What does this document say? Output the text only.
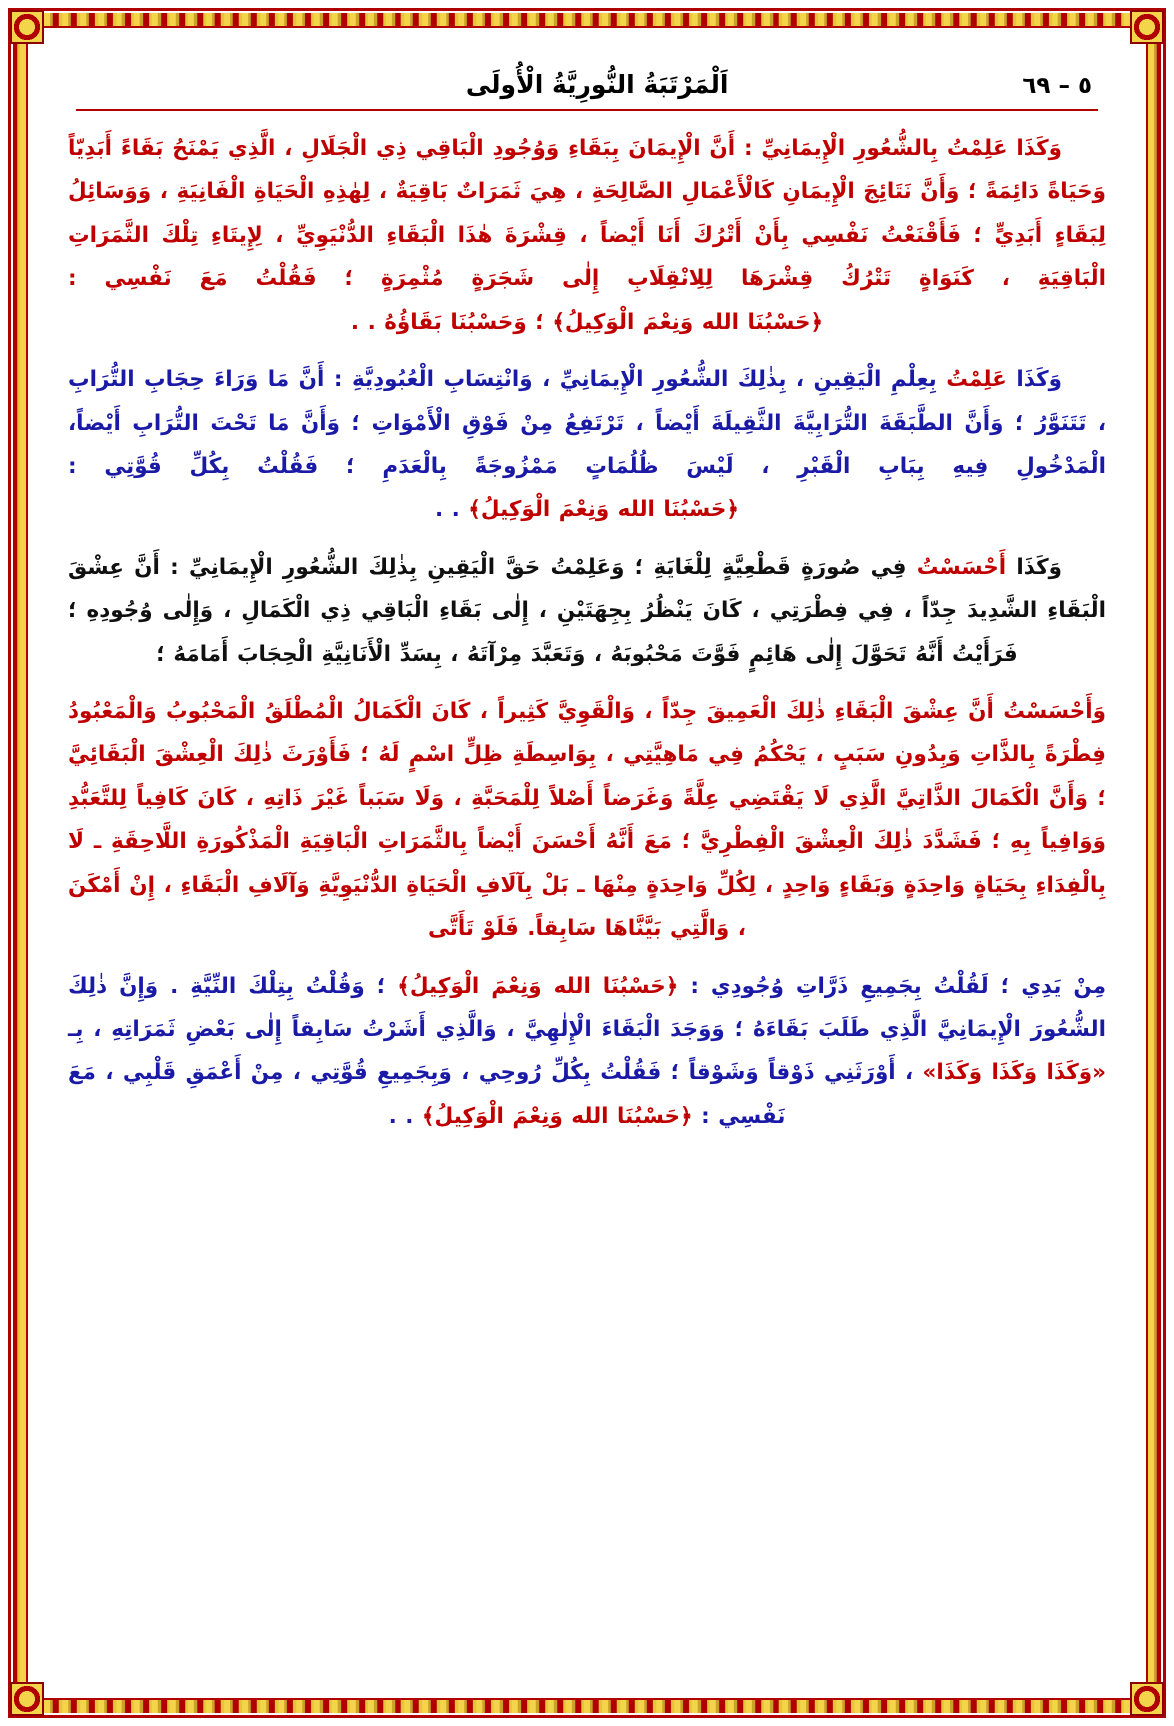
٥ – ٦٩
اَلْمَرْتَبَةُ النُّورِيَّةُ الْأُولَى

وَكَذَا عَلِمْتُ بِالشُّعُورِ الْإِيمَانِيِّ : أَنَّ الْإِيمَانَ بِبَقَاءِ وَوُجُودِ الْبَاقِي ذِي الْجَلَالِ ، الَّذِي يَمْنَحُ بَقَاءً أَبَدِيّاً وَحَيَاةً دَائِمَةً ؛ وَأَنَّ نَتَائِجَ الْإِيمَانِ كَالْأَعْمَالِ الصَّالِحَةِ ، هِيَ ثَمَرَاتٌ بَاقِيَةٌ ، لِهٰذِهِ الْحَيَاةِ الْفَانِيَةِ ، وَوَسَائِلُ لِبَقَاءٍ أَبَدِيٍّ ؛ فَأَقْنَعْتُ نَفْسِي بِأَنْ أَتْرُكَ أَنَا أَيْضاً ، قِشْرَةَ هٰذَا الْبَقَاءِ الدُّنْيَوِيِّ ، لِإِيتَاءِ تِلْكَ الثَّمَرَاتِ الْبَاقِيَةِ ، كَنَوَاةٍ تَتْرُكُ قِشْرَهَا لِلِانْقِلَابِ إِلٰى شَجَرَةٍ مُثْمِرَةٍ ؛ فَقُلْتُ مَعَ نَفْسِي : ﴿حَسْبُنَا الله وَنِعْمَ الْوَكِيلُ﴾ ؛ وَحَسْبُنَا بَقَاؤُهُ . .

وَكَذَا عَلِمْتُ بِعِلْمِ الْيَقِينِ ، بِذٰلِكَ الشُّعُورِ الْإِيمَانِيِّ ، وَانْتِسَابِ الْعُبُودِيَّةِ : أَنَّ مَا وَرَاءَ حِجَابِ التُّرَابِ ، تَتَنَوَّرُ ؛ وَأَنَّ الطَّبَقَةَ التُّرَابِيَّةَ الثَّقِيلَةَ أَيْضاً ، تَرْتَفِعُ مِنْ فَوْقِ الْأَمْوَاتِ ؛ وَأَنَّ مَا تَحْتَ التُّرَابِ أَيْضاً، الْمَدْخُولِ فِيهِ بِبَابِ الْقَبْرِ ، لَيْسَ ظُلُمَاتٍ مَمْزُوجَةً بِالْعَدَمِ ؛ فَقُلْتُ بِكُلِّ قُوَّتِي : ﴿حَسْبُنَا الله وَنِعْمَ الْوَكِيلُ﴾ . .

وَكَذَا أَحْسَسْتُ فِي صُورَةٍ قَطْعِيَّةٍ لِلْغَايَةِ ؛ وَعَلِمْتُ حَقَّ الْيَقِينِ بِذٰلِكَ الشُّعُورِ الْإِيمَانِيِّ : أَنَّ عِشْقَ الْبَقَاءِ الشَّدِيدَ جِدّاً ، فِي فِطْرَتِي ، كَانَ يَنْظُرُ بِجِهَتَيْنِ ، إِلٰى بَقَاءِ الْبَاقِي ذِي الْكَمَالِ ، وَإِلٰى وُجُودِهِ ؛ فَرَأَيْتُ أَنَّهُ تَحَوَّلَ إِلٰى هَائِمٍ فَوَّتَ مَحْبُوبَهُ ، وَتَعَبَّدَ مِرْآتَهُ ، بِسَدِّ الْأَنَانِيَّةِ الْحِجَابَ أَمَامَهُ ؛

وَأَحْسَسْتُ أَنَّ عِشْقَ الْبَقَاءِ ذٰلِكَ الْعَمِيقَ جِدّاً ، وَالْقَوِيَّ كَثِيراً ، كَانَ الْكَمَالُ الْمُطْلَقُ الْمَحْبُوبُ وَالْمَعْبُودُ فِطْرَةً بِالذَّاتِ وَبِدُونِ سَبَبٍ ، يَحْكُمُ فِي مَاهِيَّتِي ، بِوَاسِطَةِ ظِلٍّ اسْمٍ لَهُ ؛ فَأَوْرَثَ ذٰلِكَ الْعِشْقَ الْبَقَائِيَّ ؛ وَأَنَّ الْكَمَالَ الذَّاتِيَّ الَّذِي لَا يَقْتَضِي عِلَّةً وَغَرَضاً أَصْلاً لِلْمَحَبَّةِ ، وَلَا سَبَباً غَيْرَ ذَاتِهِ ، كَانَ كَافِياً لِلتَّعَبُّدِ وَوَافِياً بِهِ ؛ فَشَدَّدَ ذٰلِكَ الْعِشْقَ الْفِطْرِيَّ ؛ مَعَ أَنَّهُ أَحْسَنَ أَيْضاً بِالثَّمَرَاتِ الْبَاقِيَةِ الْمَذْكُورَةِ اللَّاحِقَةِ ـ لَا بِالْفِدَاءِ بِحَيَاةٍ وَاحِدَةٍ وَبَقَاءٍ وَاحِدٍ ، لِكُلِّ وَاحِدَةٍ مِنْهَا ـ بَلْ بِآلَافِ الْحَيَاةِ الدُّنْيَوِيَّةِ وَآلَافِ الْبَقَاءِ ، إِنْ أَمْكَنَ ، وَالَّتِي بَيَّنَّاهَا سَابِقاً. فَلَوْ تَأَتَّى

مِنْ يَدِي ؛ لَقُلْتُ بِجَمِيعِ ذَرَّاتِ وُجُودِي : ﴿حَسْبُنَا الله وَنِعْمَ الْوَكِيلُ﴾ ؛ وَقُلْتُ بِتِلْكَ النِّيَّةِ . وَإِنَّ ذٰلِكَ الشُّعُورَ الْإِيمَانِيَّ الَّذِي طَلَبَ بَقَاءَهُ ؛ وَوَجَدَ الْبَقَاءَ الْإِلٰهِيَّ ، وَالَّذِي أَشَرْتُ سَابِقاً إِلٰى بَعْضِ ثَمَرَاتِهِ ، بِـ «وَكَذَا وَكَذَا وَكَذَا» ، أَوْرَثَنِي ذَوْقاً وَشَوْقاً ؛ فَقُلْتُ بِكُلِّ رُوحِي ، وَبِجَمِيعِ قُوَّتِي ، مِنْ أَعْمَقِ قَلْبِي ، مَعَ نَفْسِي : ﴿حَسْبُنَا الله وَنِعْمَ الْوَكِيلُ﴾ . .
